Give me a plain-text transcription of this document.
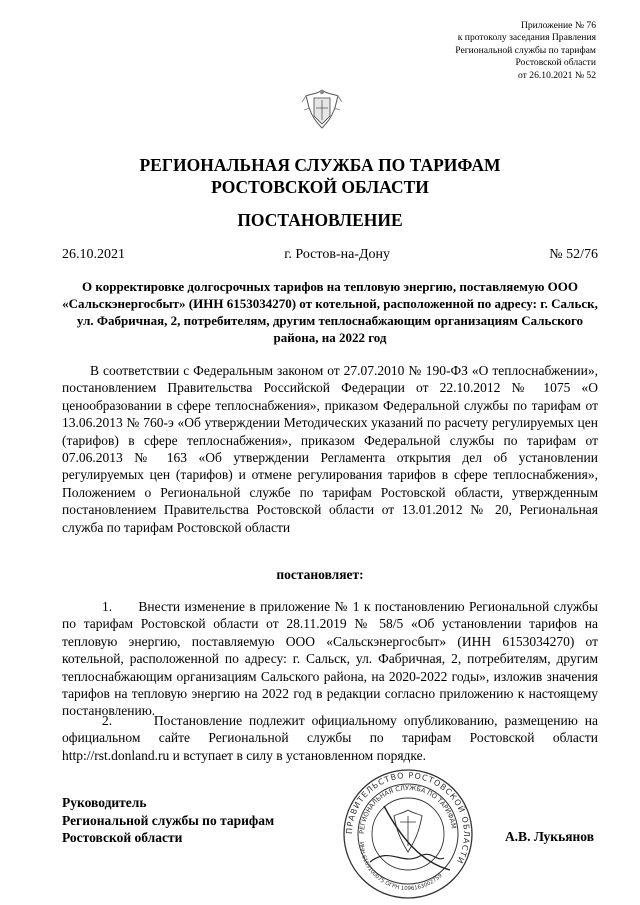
Приложение № 76
к протоколу заседания Правления
Региональной службы по тарифам
Ростовской области
от 26.10.2021 № 52
РЕГИОНАЛЬНАЯ СЛУЖБА ПО ТАРИФАМ
РОСТОВСКОЙ ОБЛАСТИ
ПОСТАНОВЛЕНИЕ
26.10.2021	г. Ростов-на-Дону	№ 52/76
О корректировке долгосрочных тарифов на тепловую энергию, поставляемую ООО «Сальскэнергосбыт» (ИНН 6153034270) от котельной, расположенной по адресу: г. Сальск, ул. Фабричная, 2, потребителям, другим теплоснабжающим организациям Сальского района, на 2022 год
В соответствии с Федеральным законом от 27.07.2010 № 190-ФЗ «О теплоснабжении», постановлением Правительства Российской Федерации от 22.10.2012 № 1075 «О ценообразовании в сфере теплоснабжения», приказом Федеральной службы по тарифам от 13.06.2013 № 760-э «Об утверждении Методических указаний по расчету регулируемых цен (тарифов) в сфере теплоснабжения», приказом Федеральной службы по тарифам от 07.06.2013 № 163 «Об утверждении Регламента открытия дел об установлении регулируемых цен (тарифов) и отмене регулирования тарифов в сфере теплоснабжения», Положением о Региональной службе по тарифам Ростовской области, утвержденным постановлением Правительства Ростовской области от 13.01.2012 № 20, Региональная служба по тарифам Ростовской области
постановляет:
1.      Внести изменение в приложение № 1 к постановлению Региональной службы по тарифам Ростовской области от 28.11.2019 № 58/5 «Об установлении тарифов на тепловую энергию, поставляемую ООО «Сальскэнергосбыт» (ИНН 6153034270) от котельной, расположенной по адресу: г. Сальск, ул. Фабричная, 2, потребителям, другим теплоснабжающим организациям Сальского района, на 2020-2022 годы», изложив значения тарифов на тепловую энергию на 2022 год в редакции согласно приложению к настоящему постановлению.
2.      Постановление подлежит официальному опубликованию, размещению на официальном сайте Региональной службы по тарифам Ростовской области http://rst.donland.ru и вступает в силу в установленном порядке.
Руководитель
Региональной службы по тарифам
Ростовской области	А.В. Лукьянов
ПРАВИТЕЛЬСТВО РОСТОВСКОЙ ОБЛАСТИ
РЕГИОНАЛЬНАЯ СЛУЖБА ПО ТАРИФАМ
ИНН 6163100075 ОГРН 1096163002759
